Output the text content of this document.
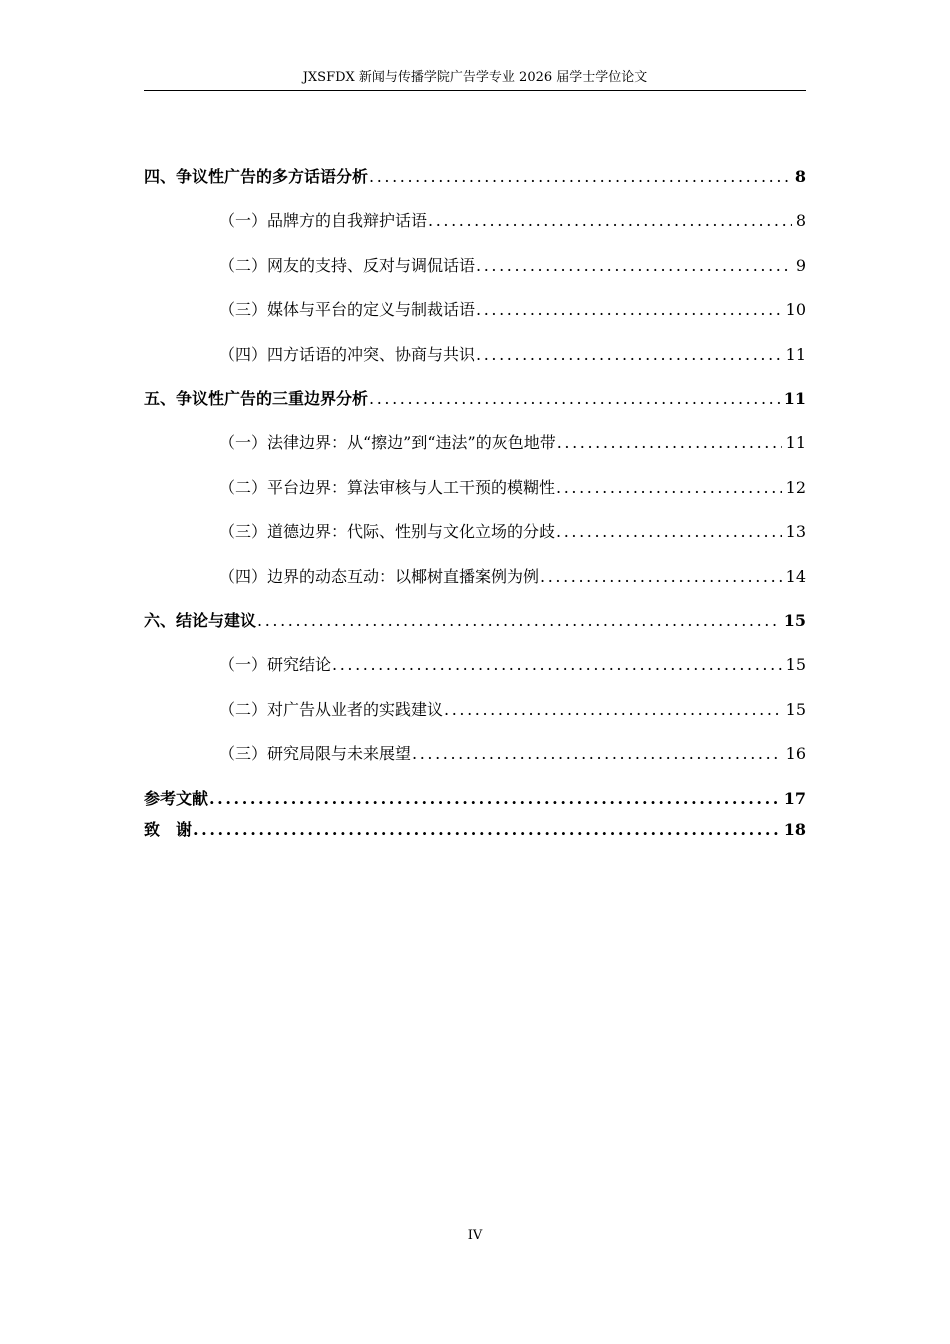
JXSFDX 新闻与传播学院广告学专业 2026 届学士学位论文
四、争议性广告的多方话语分析 .....	8
（一）品牌方的自我辩护话语 .....	8
（二）网友的支持、反对与调侃话语 .....	9
（三）媒体与平台的定义与制裁话语 .....	10
（四）四方话语的冲突、协商与共识 .....	11
五、争议性广告的三重边界分析 .....	11
（一）法律边界：从“擦边”到“违法”的灰色地带 .....	11
（二）平台边界：算法审核与人工干预的模糊性 .....	12
（三）道德边界：代际、性别与文化立场的分歧 .....	13
（四）边界的动态互动：以椰树直播案例为例 .....	14
六、结论与建议 .....	15
（一）研究结论 .....	15
（二）对广告从业者的实践建议 .....	15
（三）研究局限与未来展望 .....	16
参考文献 .....	17
致　谢 .....	18
IV
